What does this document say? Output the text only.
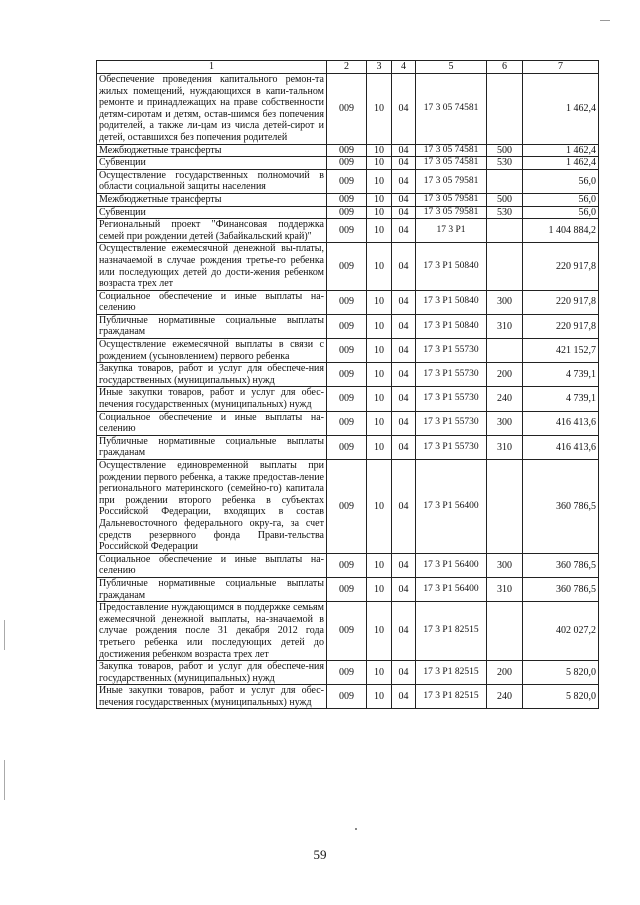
1	2	3	4	5	6	7
Обеспечение проведения капитального ремон-та жилых помещений, нуждающихся в капи-тальном ремонте и принадлежащих на праве собственности детям-сиротам и детям, остав-шимся без попечения родителей, а также ли-цам из числа детей-сирот и детей, оставшихся без попечения родителей	009	10	04	17 3 05 74581		1 462,4
Межбюджетные трансферты	009	10	04	17 3 05 74581	500	1 462,4
Субвенции	009	10	04	17 3 05 74581	530	1 462,4
Осуществление государственных полномочий в области социальной защиты населения	009	10	04	17 3 05 79581		56,0
Межбюджетные трансферты	009	10	04	17 3 05 79581	500	56,0
Субвенции	009	10	04	17 3 05 79581	530	56,0
Региональный проект "Финансовая поддержка семей при рождении детей (Забайкальский край)"	009	10	04	17 3 P1		1 404 884,2
Осуществление ежемесячной денежной вы-платы, назначаемой в случае рождения третье-го ребенка или последующих детей до дости-жения ребенком возраста трех лет	009	10	04	17 3 P1 50840		220 917,8
Социальное обеспечение и иные выплаты на-селению	009	10	04	17 3 P1 50840	300	220 917,8
Публичные нормативные социальные выплаты гражданам	009	10	04	17 3 P1 50840	310	220 917,8
Осуществление ежемесячной выплаты в связи с рождением (усыновлением) первого ребенка	009	10	04	17 3 P1 55730		421 152,7
Закупка товаров, работ и услуг для обеспече-ния государственных (муниципальных) нужд	009	10	04	17 3 P1 55730	200	4 739,1
Иные закупки товаров, работ и услуг для обес-печения государственных (муниципальных) нужд	009	10	04	17 3 P1 55730	240	4 739,1
Социальное обеспечение и иные выплаты на-селению	009	10	04	17 3 P1 55730	300	416 413,6
Публичные нормативные социальные выплаты гражданам	009	10	04	17 3 P1 55730	310	416 413,6
Осуществление единовременной выплаты при рождении первого ребенка, а также предостав-ление регионального материнского (семейно-го) капитала при рождении второго ребенка в субъектах Российской Федерации, входящих в состав Дальневосточного федерального окру-га, за счет средств резервного фонда Прави-тельства Российской Федерации	009	10	04	17 3 P1 56400		360 786,5
Социальное обеспечение и иные выплаты на-селению	009	10	04	17 3 P1 56400	300	360 786,5
Публичные нормативные социальные выплаты гражданам	009	10	04	17 3 P1 56400	310	360 786,5
Предоставление нуждающимся в поддержке семьям ежемесячной денежной выплаты, на-значаемой в случае рождения после 31 декабря 2012 года третьего ребенка или последующих детей до достижения ребенком возраста трех лет	009	10	04	17 3 P1 82515		402 027,2
Закупка товаров, работ и услуг для обеспече-ния государственных (муниципальных) нужд	009	10	04	17 3 P1 82515	200	5 820,0
Иные закупки товаров, работ и услуг для обес-печения государственных (муниципальных) нужд	009	10	04	17 3 P1 82515	240	5 820,0
59
